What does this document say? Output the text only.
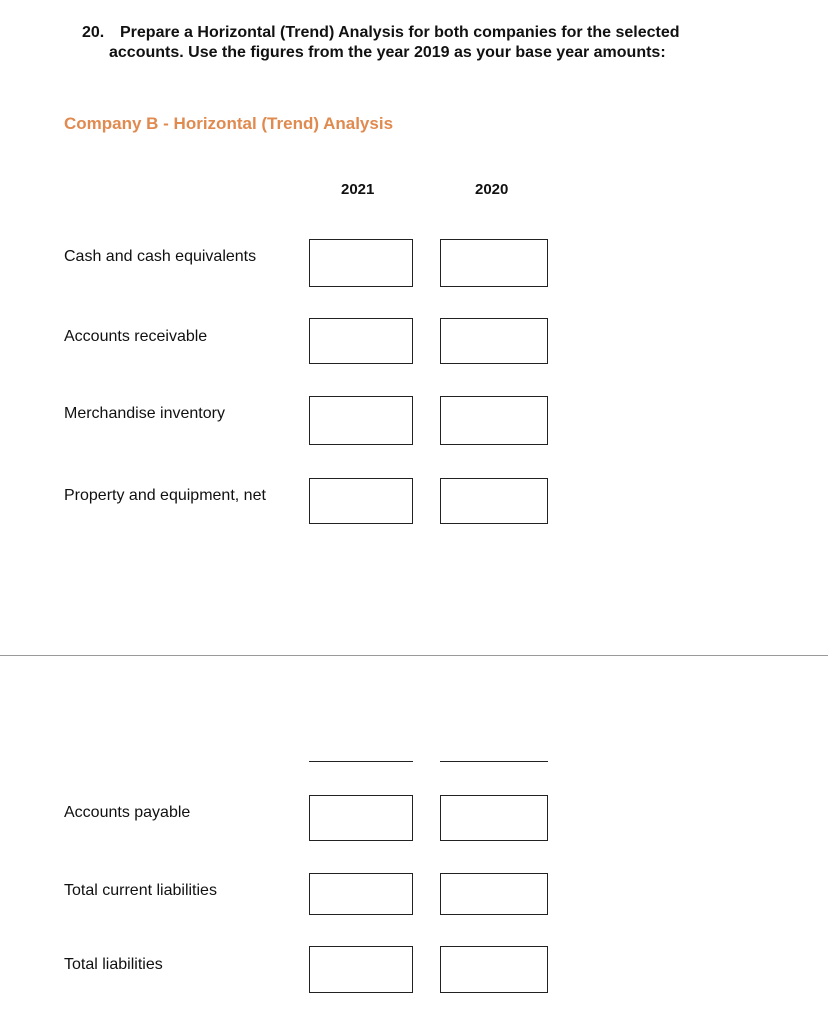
20. Prepare a Horizontal (Trend) Analysis for both companies for the selected
accounts. Use the figures from the year 2019 as your base year amounts:
Company B - Horizontal (Trend) Analysis
2021	2020
Cash and cash equivalents
Accounts receivable
Merchandise inventory
Property and equipment, net
Accounts payable
Total current liabilities
Total liabilities
